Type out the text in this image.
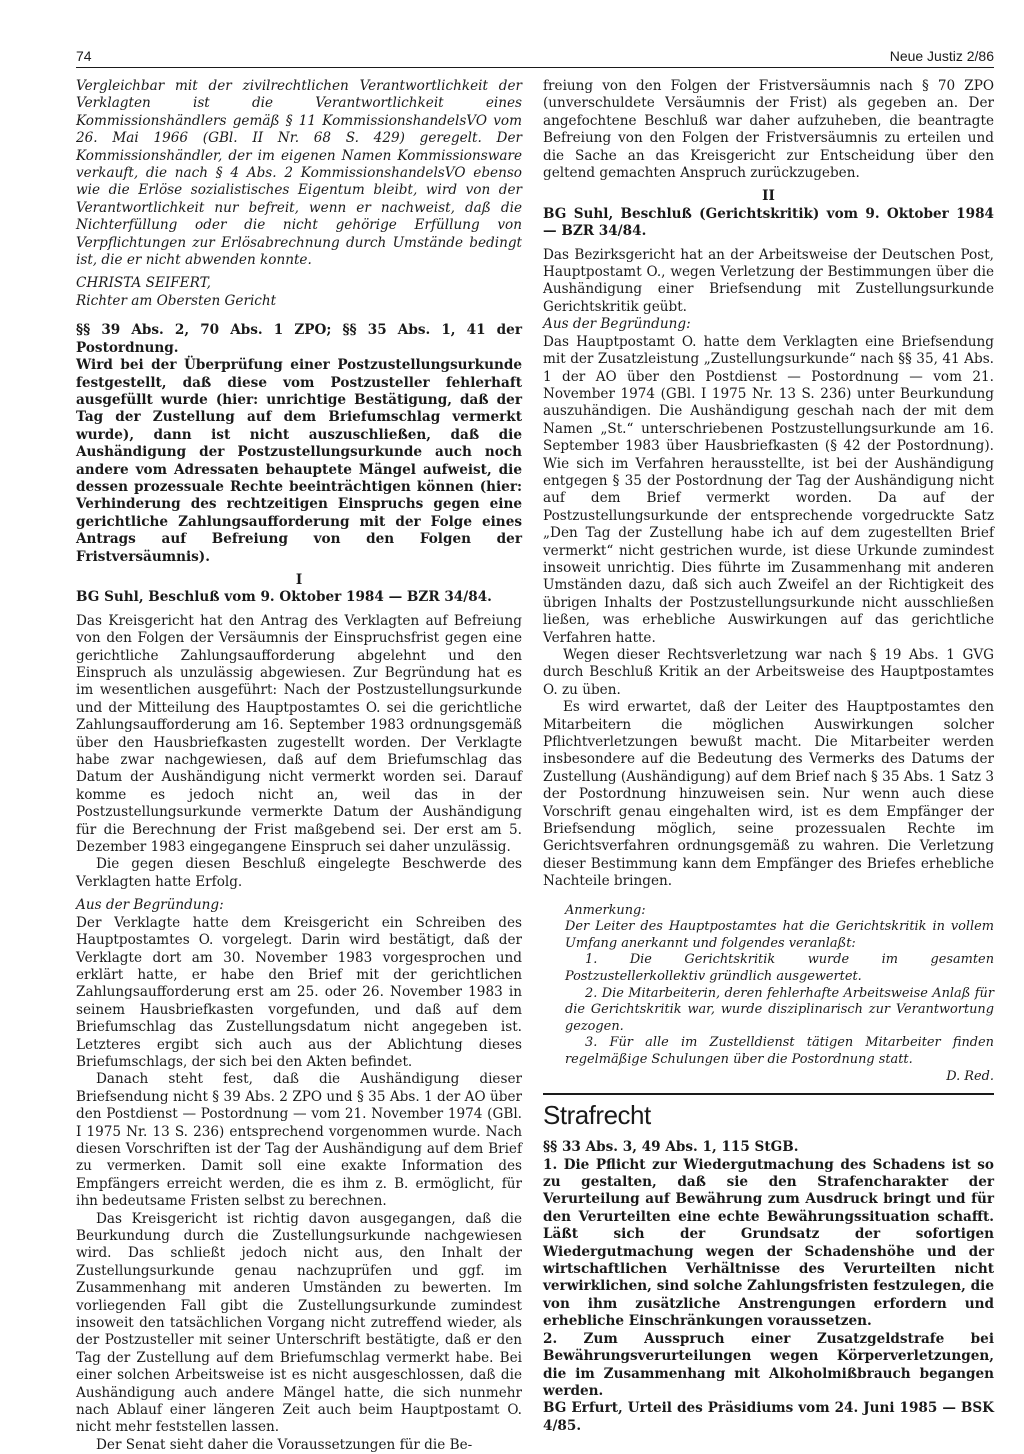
74	Neue Justiz 2/86

Vergleichbar mit der zivilrechtlichen Verantwortlichkeit der Verklagten ist die Verantwortlichkeit eines Kommissionshändlers gemäß § 11 KommissionshandelsVO vom 26. Mai 1966 (GBl. II Nr. 68 S. 429) geregelt. Der Kommissionshändler, der im eigenen Namen Kommissionsware verkauft, die nach § 4 Abs. 2 KommissionshandelsVO ebenso wie die Erlöse sozialistisches Eigentum bleibt, wird von der Verantwortlichkeit nur befreit, wenn er nachweist, daß die Nichterfüllung oder die nicht gehörige Erfüllung von Verpflichtungen zur Erlösabrechnung durch Umstände bedingt ist, die er nicht abwenden konnte.

CHRISTA SEIFERT,

Richter am Obersten Gericht

§§ 39 Abs. 2, 70 Abs. 1 ZPO; §§ 35 Abs. 1, 41 der Postordnung.

Wird bei der Überprüfung einer Postzustellungsurkunde festgestellt, daß diese vom Postzusteller fehlerhaft ausgefüllt wurde (hier: unrichtige Bestätigung, daß der Tag der Zustellung auf dem Briefumschlag vermerkt wurde), dann ist nicht auszuschließen, daß die Aushändigung der Postzustellungsurkunde auch noch andere vom Adressaten behauptete Mängel aufweist, die dessen prozessuale Rechte beeinträchtigen können (hier: Verhinderung des rechtzeitigen Einspruchs gegen eine gerichtliche Zahlungsaufforderung mit der Folge eines Antrags auf Befreiung von den Folgen der Fristversäumnis).

I

BG Suhl, Beschluß vom 9. Oktober 1984 — BZR 34/84.

Das Kreisgericht hat den Antrag des Verklagten auf Befreiung von den Folgen der Versäumnis der Einspruchsfrist gegen eine gerichtliche Zahlungsaufforderung abgelehnt und den Einspruch als unzulässig abgewiesen. Zur Begründung hat es im wesentlichen ausgeführt: Nach der Postzustellungsurkunde und der Mitteilung des Hauptpostamtes O. sei die gerichtliche Zahlungsaufforderung am 16. September 1983 ordnungsgemäß über den Hausbriefkasten zugestellt worden. Der Verklagte habe zwar nachgewiesen, daß auf dem Briefumschlag das Datum der Aushändigung nicht vermerkt worden sei. Darauf komme es jedoch nicht an, weil das in der Postzustellungsurkunde vermerkte Datum der Aushändigung für die Berechnung der Frist maßgebend sei. Der erst am 5. Dezember 1983 eingegangene Einspruch sei daher unzulässig.

Die gegen diesen Beschluß eingelegte Beschwerde des Verklagten hatte Erfolg.

Aus der Begründung:

Der Verklagte hatte dem Kreisgericht ein Schreiben des Hauptpostamtes O. vorgelegt. Darin wird bestätigt, daß der Verklagte dort am 30. November 1983 vorgesprochen und erklärt hatte, er habe den Brief mit der gerichtlichen Zahlungsaufforderung erst am 25. oder 26. November 1983 in seinem Hausbriefkasten vorgefunden, und daß auf dem Briefumschlag das Zustellungsdatum nicht angegeben ist. Letzteres ergibt sich auch aus der Ablichtung dieses Briefumschlags, der sich bei den Akten befindet.

Danach steht fest, daß die Aushändigung dieser Briefsendung nicht § 39 Abs. 2 ZPO und § 35 Abs. 1 der AO über den Postdienst — Postordnung — vom 21. November 1974 (GBl. I 1975 Nr. 13 S. 236) entsprechend vorgenommen wurde. Nach diesen Vorschriften ist der Tag der Aushändigung auf dem Brief zu vermerken. Damit soll eine exakte Information des Empfängers erreicht werden, die es ihm z. B. ermöglicht, für ihn bedeutsame Fristen selbst zu berechnen.

Das Kreisgericht ist richtig davon ausgegangen, daß die Beurkundung durch die Zustellungsurkunde nachgewiesen wird. Das schließt jedoch nicht aus, den Inhalt der Zustellungsurkunde genau nachzuprüfen und ggf. im Zusammenhang mit anderen Umständen zu bewerten. Im vorliegenden Fall gibt die Zustellungsurkunde zumindest insoweit den tatsächlichen Vorgang nicht zutreffend wieder, als der Postzusteller mit seiner Unterschrift bestätigte, daß er den Tag der Zustellung auf dem Briefumschlag vermerkt habe. Bei einer solchen Arbeitsweise ist es nicht ausgeschlossen, daß die Aushändigung auch andere Mängel hatte, die sich nunmehr nach Ablauf einer längeren Zeit auch beim Hauptpostamt O. nicht mehr feststellen lassen.

Der Senat sieht daher die Voraussetzungen für die Be-

freiung von den Folgen der Fristversäumnis nach § 70 ZPO (unverschuldete Versäumnis der Frist) als gegeben an. Der angefochtene Beschluß war daher aufzuheben, die beantragte Befreiung von den Folgen der Fristversäumnis zu erteilen und die Sache an das Kreisgericht zur Entscheidung über den geltend gemachten Anspruch zurückzugeben.

II

BG Suhl, Beschluß (Gerichtskritik) vom 9. Oktober 1984 — BZR 34/84.

Das Bezirksgericht hat an der Arbeitsweise der Deutschen Post, Hauptpostamt O., wegen Verletzung der Bestimmungen über die Aushändigung einer Briefsendung mit Zustellungsurkunde Gerichtskritik geübt.

Aus der Begründung:

Das Hauptpostamt O. hatte dem Verklagten eine Briefsendung mit der Zusatzleistung „Zustellungsurkunde“ nach §§ 35, 41 Abs. 1 der AO über den Postdienst — Postordnung — vom 21. November 1974 (GBl. I 1975 Nr. 13 S. 236) unter Beurkundung auszuhändigen. Die Aushändigung geschah nach der mit dem Namen „St.“ unterschriebenen Postzustellungsurkunde am 16. September 1983 über Hausbriefkasten (§ 42 der Postordnung). Wie sich im Verfahren herausstellte, ist bei der Aushändigung entgegen § 35 der Postordnung der Tag der Aushändigung nicht auf dem Brief vermerkt worden. Da auf der Postzustellungsurkunde der entsprechende vorgedruckte Satz „Den Tag der Zustellung habe ich auf dem zugestellten Brief vermerkt“ nicht gestrichen wurde, ist diese Urkunde zumindest insoweit unrichtig. Dies führte im Zusammenhang mit anderen Umständen dazu, daß sich auch Zweifel an der Richtigkeit des übrigen Inhalts der Postzustellungsurkunde nicht ausschließen ließen, was erhebliche Auswirkungen auf das gerichtliche Verfahren hatte.

Wegen dieser Rechtsverletzung war nach § 19 Abs. 1 GVG durch Beschluß Kritik an der Arbeitsweise des Hauptpostamtes O. zu üben.

Es wird erwartet, daß der Leiter des Hauptpostamtes den Mitarbeitern die möglichen Auswirkungen solcher Pflichtverletzungen bewußt macht. Die Mitarbeiter werden insbesondere auf die Bedeutung des Vermerks des Datums der Zustellung (Aushändigung) auf dem Brief nach § 35 Abs. 1 Satz 3 der Postordnung hinzuweisen sein. Nur wenn auch diese Vorschrift genau eingehalten wird, ist es dem Empfänger der Briefsendung möglich, seine prozessualen Rechte im Gerichtsverfahren ordnungsgemäß zu wahren. Die Verletzung dieser Bestimmung kann dem Empfänger des Briefes erhebliche Nachteile bringen.

Anmerkung:

Der Leiter des Hauptpostamtes hat die Gerichtskritik in vollem Umfang anerkannt und folgendes veranlaßt:

1. Die Gerichtskritik wurde im gesamten Postzustellerkollektiv gründlich ausgewertet.

2. Die Mitarbeiterin, deren fehlerhafte Arbeitsweise Anlaß für die Gerichtskritik war, wurde disziplinarisch zur Verantwortung gezogen.

3. Für alle im Zustelldienst tätigen Mitarbeiter finden regelmäßige Schulungen über die Postordnung statt.

D. Red.

Strafrecht

§§ 33 Abs. 3, 49 Abs. 1, 115 StGB.

1. Die Pflicht zur Wiedergutmachung des Schadens ist so zu gestalten, daß sie den Strafencharakter der Verurteilung auf Bewährung zum Ausdruck bringt und für den Verurteilten eine echte Bewährungssituation schafft. Läßt sich der Grundsatz der sofortigen Wiedergutmachung wegen der Schadenshöhe und der wirtschaftlichen Verhältnisse des Verurteilten nicht verwirklichen, sind solche Zahlungsfristen festzulegen, die von ihm zusätzliche Anstrengungen erfordern und erhebliche Einschränkungen voraussetzen.

2. Zum Ausspruch einer Zusatzgeldstrafe bei Bewährungsverurteilungen wegen Körperverletzungen, die im Zusammenhang mit Alkoholmißbrauch begangen werden.

BG Erfurt, Urteil des Präsidiums vom 24. Juni 1985 — BSK 4/85.
